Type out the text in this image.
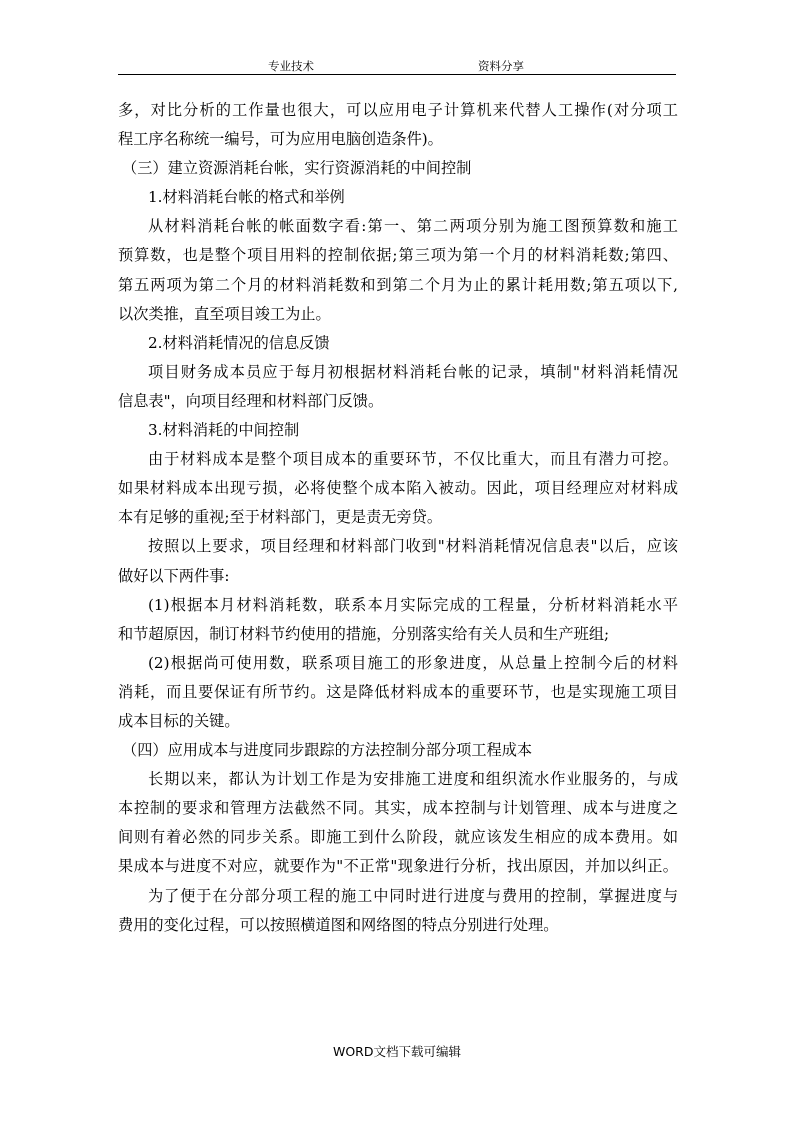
专业技术	资料分享
多，对比分析的工作量也很大，可以应用电子计算机来代替人工操作(对分项工
程工序名称统一编号，可为应用电脑创造条件)。
（三）建立资源消耗台帐，实行资源消耗的中间控制
1.材料消耗台帐的格式和举例
从材料消耗台帐的帐面数字看:第一、第二两项分别为施工图预算数和施工
预算数，也是整个项目用料的控制依据;第三项为第一个月的材料消耗数;第四、
第五两项为第二个月的材料消耗数和到第二个月为止的累计耗用数;第五项以下,
以次类推，直至项目竣工为止。
2.材料消耗情况的信息反馈
项目财务成本员应于每月初根据材料消耗台帐的记录，填制"材料消耗情况
信息表"，向项目经理和材料部门反馈。
3.材料消耗的中间控制
由于材料成本是整个项目成本的重要环节，不仅比重大，而且有潜力可挖。
如果材料成本出现亏损，必将使整个成本陷入被动。因此，项目经理应对材料成
本有足够的重视;至于材料部门，更是责无旁贷。
按照以上要求，项目经理和材料部门收到"材料消耗情况信息表"以后，应该
做好以下两件事:
(1)根据本月材料消耗数，联系本月实际完成的工程量，分析材料消耗水平
和节超原因，制订材料节约使用的措施，分别落实给有关人员和生产班组;
(2)根据尚可使用数，联系项目施工的形象进度，从总量上控制今后的材料
消耗，而且要保证有所节约。这是降低材料成本的重要环节，也是实现施工项目
成本目标的关键。
（四）应用成本与进度同步跟踪的方法控制分部分项工程成本
长期以来，都认为计划工作是为安排施工进度和组织流水作业服务的，与成
本控制的要求和管理方法截然不同。其实，成本控制与计划管理、成本与进度之
间则有着必然的同步关系。即施工到什么阶段，就应该发生相应的成本费用。如
果成本与进度不对应，就要作为"不正常"现象进行分析，找出原因，并加以纠正。
为了便于在分部分项工程的施工中同时进行进度与费用的控制，掌握进度与
费用的变化过程，可以按照横道图和网络图的特点分别进行处理。
WORD文档下载可编辑
